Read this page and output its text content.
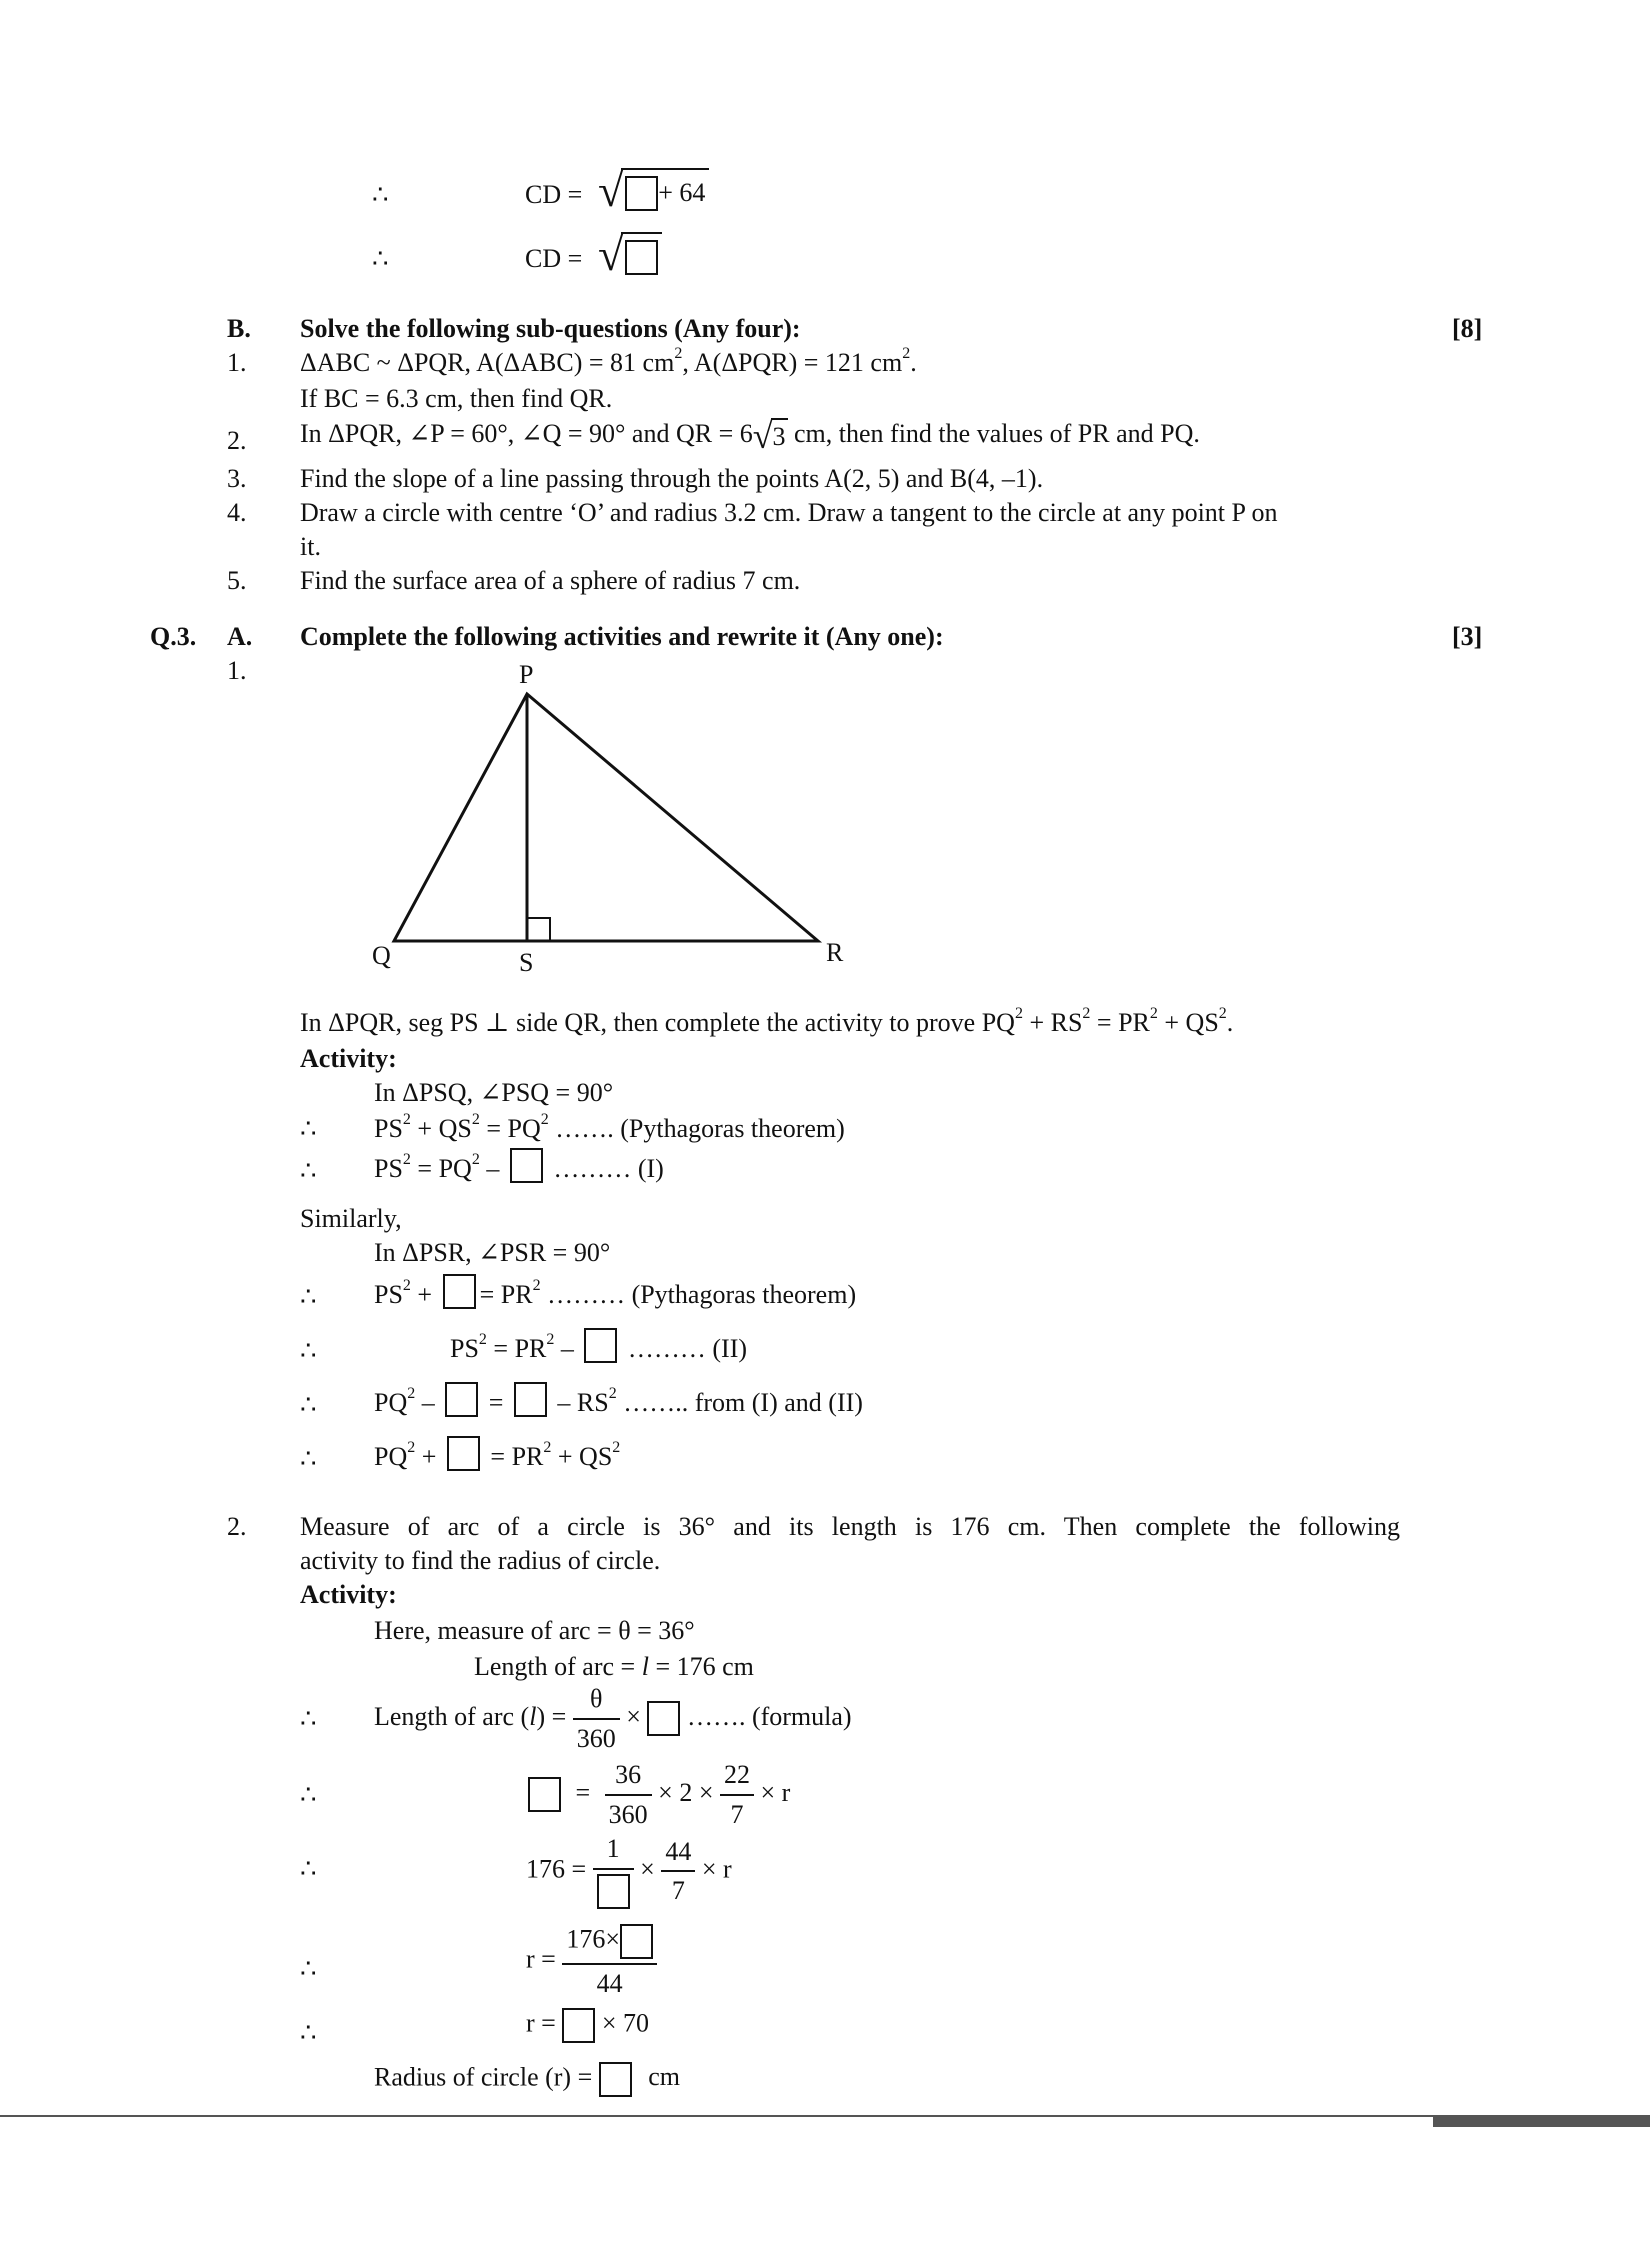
∴	CD = √ + 64
∴	CD = √
B. Solve the following sub-questions (Any four):	[8]
1. ΔABC ~ ΔPQR, A(ΔABC) = 81 $cm^2$, A(ΔPQR) = 121 $cm^2$.
If BC = 6.3 cm, then find QR.
2. In ΔPQR, ∠P = 60°, ∠Q = 90° and QR = 6 √ 3 cm, then find the values of PR and PQ.
3. Find the slope of a line passing through the points A(2, 5) and B(4, –1).
4. Draw a circle with centre ‘O’ and radius 3.2 cm. Draw a tangent to the circle at any point P on
it.
5. Find the surface area of a sphere of radius 7 cm.
Q.3. A. Complete the following activities and rewrite it (Any one):	[3]
1.	P
Q	S	R
In ΔPQR, seg PS ⊥ side QR, then complete the activity to prove $PQ^2 + RS^2 = PR^2 + QS^2$.
Activity:
In ΔPSQ, ∠PSQ = 90°
∴ $PS^2 + QS^2 = PQ^2$ ……. (Pythagoras theorem)
∴ $PS^2 = PQ^2$ –  ……… (I)
Similarly,
In ΔPSR, ∠PSR = 90°
∴ $PS^2$ + = $PR^2$ ……… (Pythagoras theorem)
∴	$PS^2 = PR^2$ –  ……… (II)
∴ $PQ^2$ –  =  – $RS^2$ …….. from (I) and (II)
∴ $PQ^2$ +  = $PR^2 + QS^2$
2. Measure of arc of a circle is 36° and its length is 176 cm. Then complete the following
activity to find the radius of circle.
Activity:
Here, measure of arc = θ = 36°
Length of arc = l = 176 cm
∴ Length of arc $(l) = \frac{\theta}{360}$ ×  ……. (formula)
∴	= $\frac{36}{360} \times 2 \times \frac{22}{7} \times r$
∴	176 =
1
× $\frac{44}{7} \times r$
∴	$r = \frac{176\times}{44}$
∴	r = × 70
Radius of circle (r) = cm
